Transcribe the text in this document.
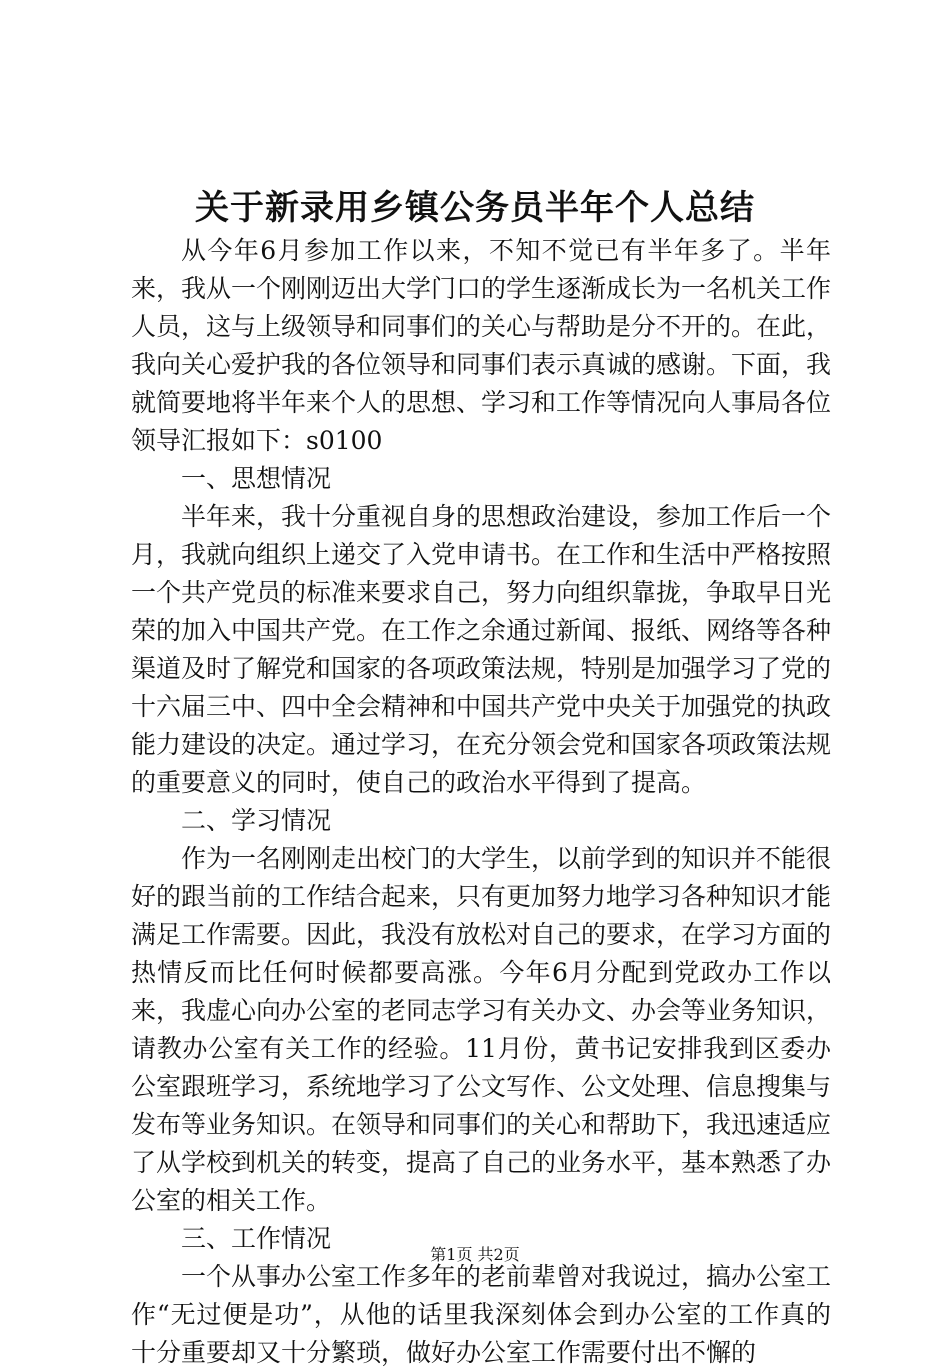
关于新录用乡镇公务员半年个人总结

从今年6月参加工作以来，不知不觉已有半年多了。半年来，我从一个刚刚迈出大学门口的学生逐渐成长为一名机关工作人员，这与上级领导和同事们的关心与帮助是分不开的。在此，我向关心爱护我的各位领导和同事们表示真诚的感谢。下面，我就简要地将半年来个人的思想、学习和工作等情况向人事局各位领导汇报如下：s0100

一、思想情况

半年来，我十分重视自身的思想政治建设，参加工作后一个月，我就向组织上递交了入党申请书。在工作和生活中严格按照一个共产党员的标准来要求自己，努力向组织靠拢，争取早日光荣的加入中国共产党。在工作之余通过新闻、报纸、网络等各种渠道及时了解党和国家的各项政策法规，特别是加强学习了党的十六届三中、四中全会精神和中国共产党中央关于加强党的执政能力建设的决定。通过学习，在充分领会党和国家各项政策法规的重要意义的同时，使自己的政治水平得到了提高。

二、学习情况

作为一名刚刚走出校门的大学生，以前学到的知识并不能很好的跟当前的工作结合起来，只有更加努力地学习各种知识才能满足工作需要。因此，我没有放松对自己的要求，在学习方面的热情反而比任何时候都要高涨。今年6月分配到党政办工作以来，我虚心向办公室的老同志学习有关办文、办会等业务知识，请教办公室有关工作的经验。11月份，黄书记安排我到区委办公室跟班学习，系统地学习了公文写作、公文处理、信息搜集与发布等业务知识。在领导和同事们的关心和帮助下，我迅速适应了从学校到机关的转变，提高了自己的业务水平，基本熟悉了办公室的相关工作。

三、工作情况

一个从事办公室工作多年的老前辈曾对我说过，搞办公室工作“无过便是功”，从他的话里我深刻体会到办公室的工作真的十分重要却又十分繁琐，做好办公室工作需要付出不懈的

第1页 共2页
